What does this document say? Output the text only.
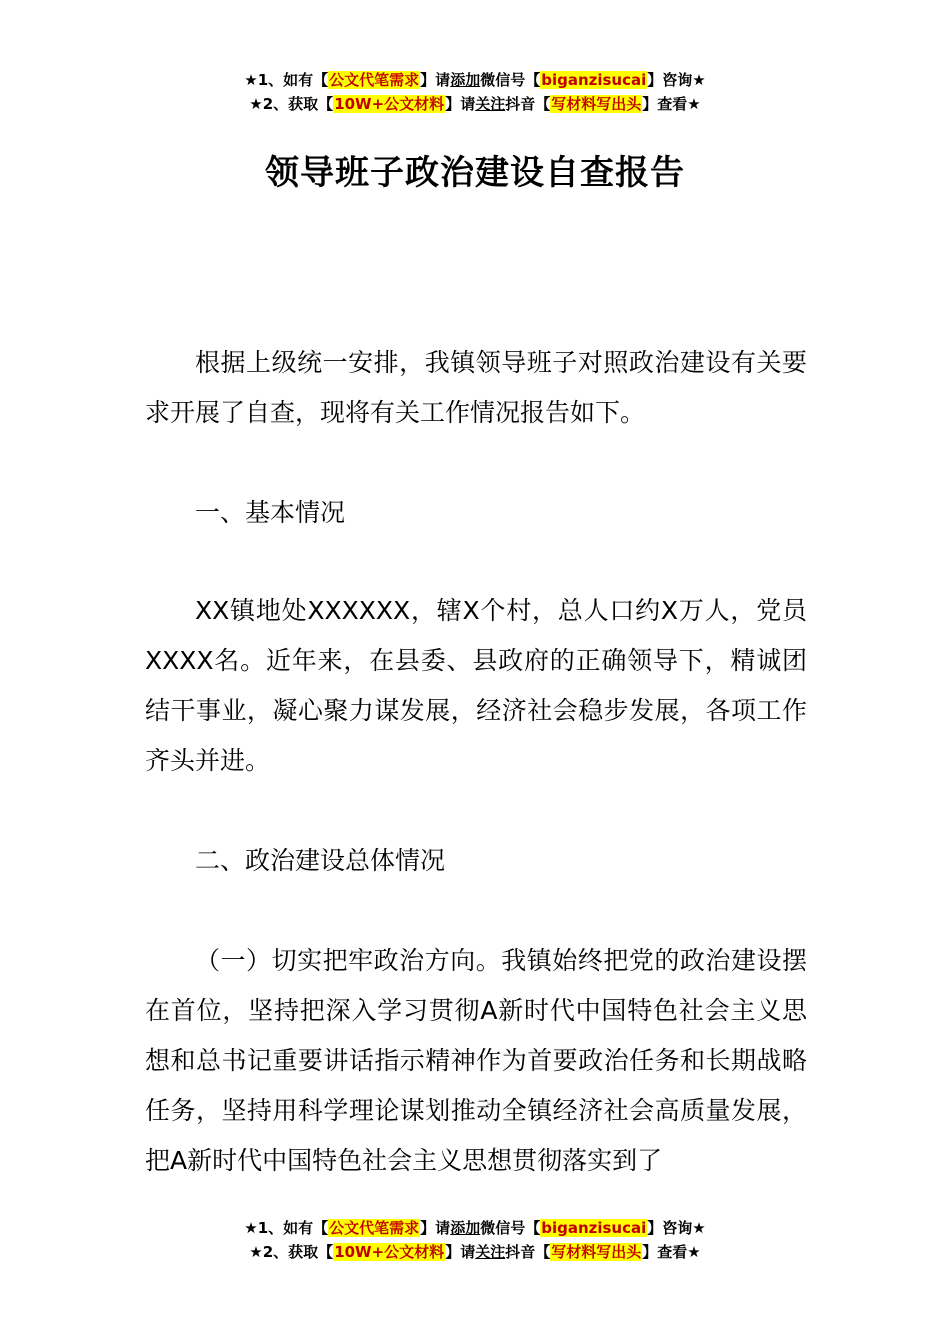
★1、如有【公文代笔需求】请添加微信号【biganzisucai】咨询★
★2、获取【10W+公文材料】请关注抖音【写材料写出头】查看★
领导班子政治建设自查报告

根据上级统一安排，我镇领导班子对照政治建设有关要求开展了自查，现将有关工作情况报告如下。

一、基本情况

XX镇地处XXXXXX，辖X个村，总人口约X万人，党员XXXX名。近年来，在县委、县政府的正确领导下，精诚团结干事业，凝心聚力谋发展，经济社会稳步发展，各项工作齐头并进。

二、政治建设总体情况

（一）切实把牢政治方向。我镇始终把党的政治建设摆在首位，坚持把深入学习贯彻A新时代中国特色社会主义思想和总书记重要讲话指示精神作为首要政治任务和长期战略任务，坚持用科学理论谋划推动全镇经济社会高质量发展，把A新时代中国特色社会主义思想贯彻落实到了

★1、如有【公文代笔需求】请添加微信号【biganzisucai】咨询★
★2、获取【10W+公文材料】请关注抖音【写材料写出头】查看★
